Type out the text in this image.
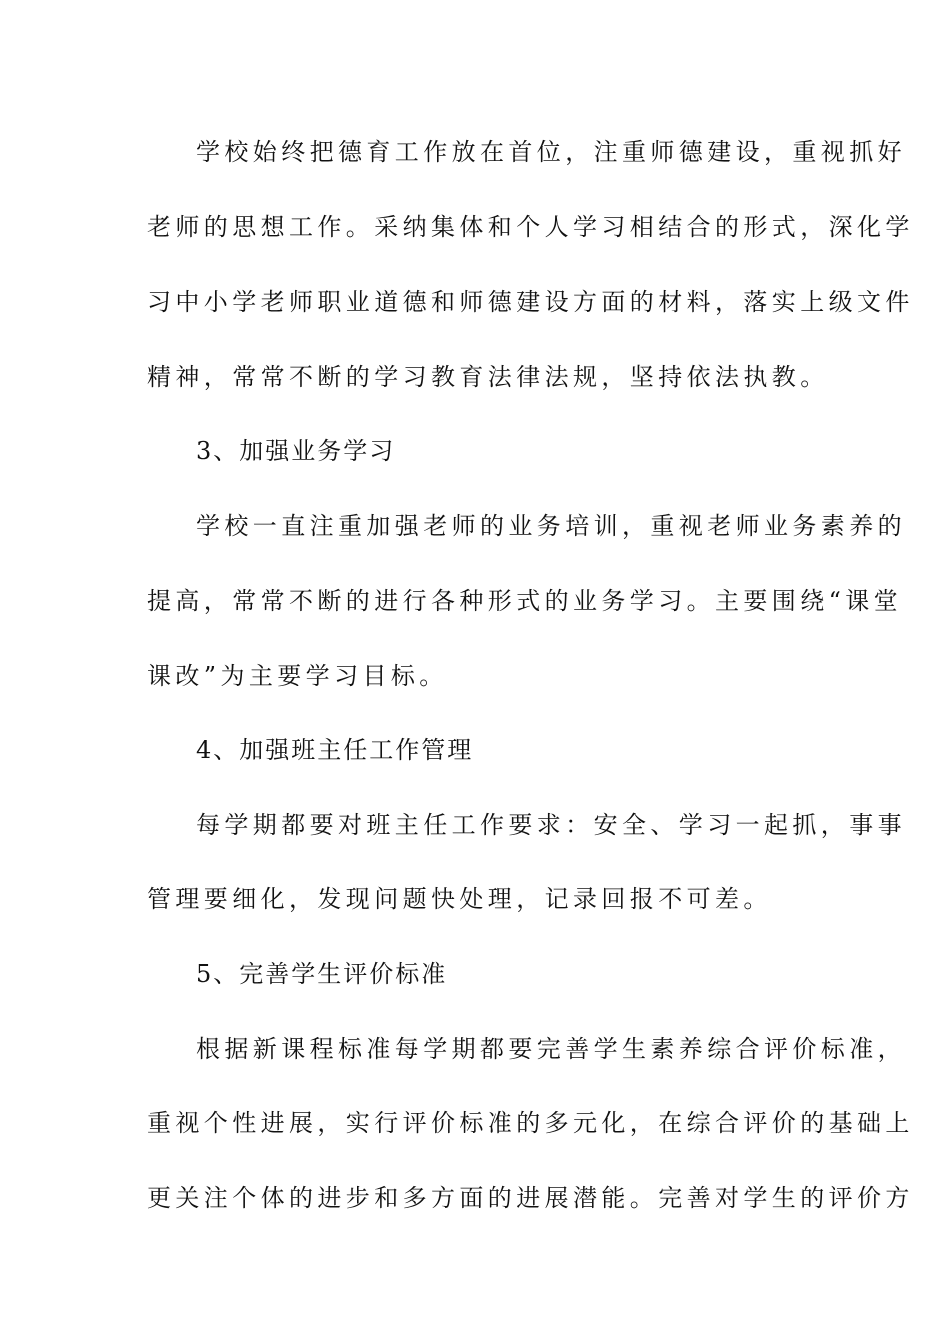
学校始终把德育工作放在首位，注重师德建设，重视抓好
老师的思想工作。采纳集体和个人学习相结合的形式，深化学
习中小学老师职业道德和师德建设方面的材料，落实上级文件
精神，常常不断的学习教育法律法规，坚持依法执教。
3、加强业务学习
学校一直注重加强老师的业务培训，重视老师业务素养的
提高，常常不断的进行各种形式的业务学习。主要围绕“课堂
课改”为主要学习目标。
4、加强班主任工作管理
每学期都要对班主任工作要求：安全、学习一起抓，事事
管理要细化，发现问题快处理，记录回报不可差。
5、完善学生评价标准
根据新课程标准每学期都要完善学生素养综合评价标准，
重视个性进展，实行评价标准的多元化，在综合评价的基础上
更关注个体的进步和多方面的进展潜能。完善对学生的评价方
